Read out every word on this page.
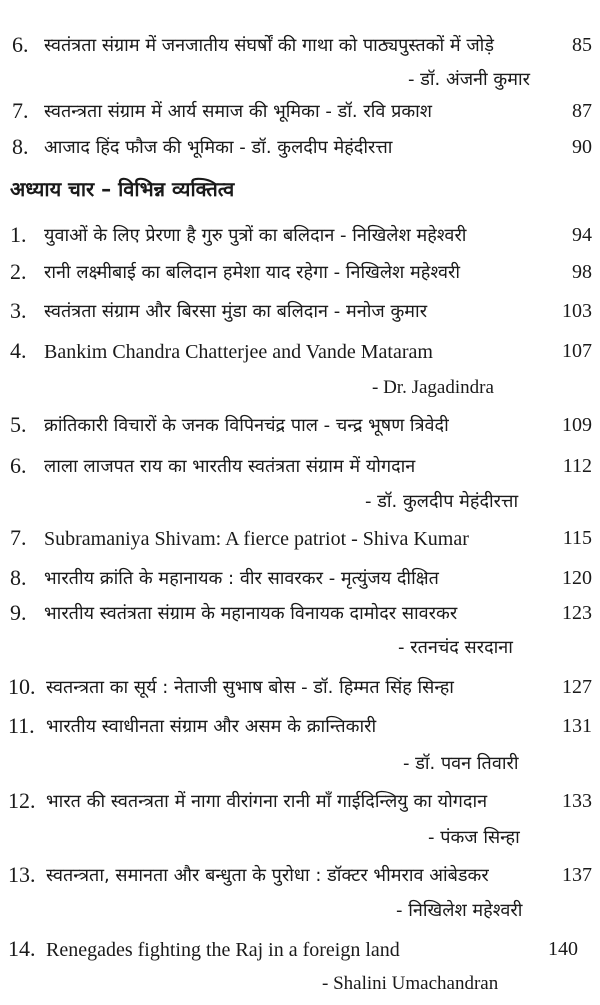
6. स्वतंत्रता संग्राम में जनजातीय संघर्षों की गाथा को पाठ्यपुस्तकों में जोड़े	85
- डॉ. अंजनी कुमार
7. स्वतन्त्रता संग्राम में आर्य समाज की भूमिका - डॉ. रवि प्रकाश	87
8. आजाद हिंद फौज की भूमिका - डॉ. कुलदीप मेहंदीरत्ता	90
अध्याय चार – विभिन्न व्यक्तित्व
1. युवाओं के लिए प्रेरणा है गुरु पुत्रों का बलिदान - निखिलेश महेश्वरी	94
2. रानी लक्ष्मीबाई का बलिदान हमेशा याद रहेगा - निखिलेश महेश्वरी	98
3. स्वतंत्रता संग्राम और बिरसा मुंडा का बलिदान - मनोज कुमार	103
4. Bankim Chandra Chatterjee and Vande Mataram	107
- Dr. Jagadindra
5. क्रांतिकारी विचारों के जनक विपिनचंद्र पाल - चन्द्र भूषण त्रिवेदी	109
6. लाला लाजपत राय का भारतीय स्वतंत्रता संग्राम में योगदान	112
- डॉ. कुलदीप मेहंदीरत्ता
7. Subramaniya Shivam: A fierce patriot - Shiva Kumar	115
8. भारतीय क्रांति के महानायक : वीर सावरकर - मृत्युंजय दीक्षित	120
9. भारतीय स्वतंत्रता संग्राम के महानायक विनायक दामोदर सावरकर	123
- रतनचंद सरदाना
10. स्वतन्त्रता का सूर्य : नेताजी सुभाष बोस - डॉ. हिम्मत सिंह सिन्हा	127
11. भारतीय स्वाधीनता संग्राम और असम के क्रान्तिकारी	131
- डॉ. पवन तिवारी
12. भारत की स्वतन्त्रता में नागा वीरांगना रानी माँ गाईदिन्लियु का योगदान	133
- पंकज सिन्हा
13. स्वतन्त्रता, समानता और बन्धुता के पुरोधा : डॉक्टर भीमराव आंबेडकर	137
- निखिलेश महेश्वरी
14. Renegades fighting the Raj in a foreign land	140
- Shalini Umachandran
